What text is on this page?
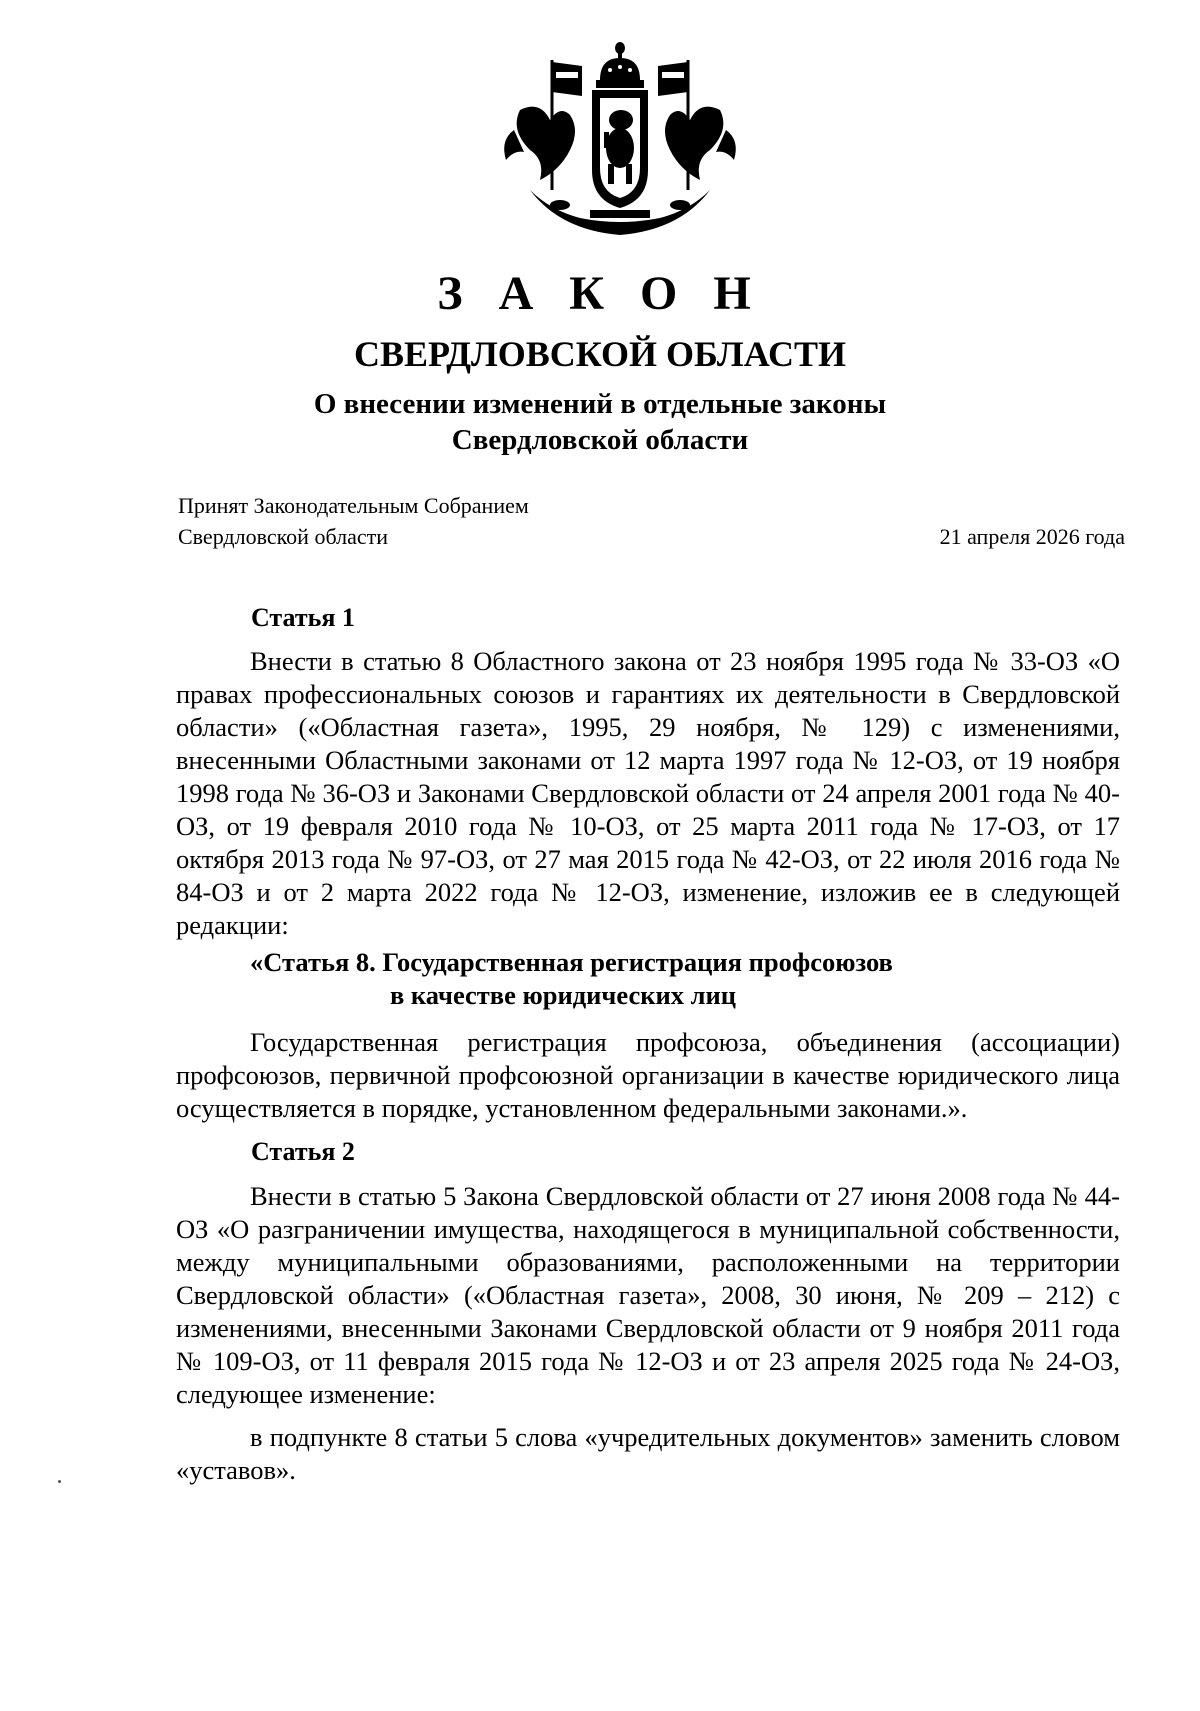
З А К О Н
СВЕРДЛОВСКОЙ ОБЛАСТИ
О внесении изменений в отдельные законы
Свердловской области
Принят Законодательным Собранием
Свердловской области	21 апреля 2026 года
Статья 1

Внести в статью 8 Областного закона от 23 ноября 1995 года № 33-ОЗ «О правах профессиональных союзов и гарантиях их деятельности в Свердловской области» («Областная газета», 1995, 29 ноября, № 129) с изменениями, внесенными Областными законами от 12 марта 1997 года № 12-ОЗ, от 19 ноября 1998 года № 36-ОЗ и Законами Свердловской области от 24 апреля 2001 года № 40-ОЗ, от 19 февраля 2010 года № 10-ОЗ, от 25 марта 2011 года № 17-ОЗ, от 17 октября 2013 года № 97-ОЗ, от 27 мая 2015 года № 42-ОЗ, от 22 июля 2016 года № 84-ОЗ и от 2 марта 2022 года № 12-ОЗ, изменение, изложив ее в следующей редакции:

«Статья 8. Государственная регистрация профсоюзов
в качестве юридических лиц

Государственная регистрация профсоюза, объединения (ассоциации) профсоюзов, первичной профсоюзной организации в качестве юридического лица осуществляется в порядке, установленном федеральными законами.».

Статья 2

Внести в статью 5 Закона Свердловской области от 27 июня 2008 года № 44-ОЗ «О разграничении имущества, находящегося в муниципальной собственности, между муниципальными образованиями, расположенными на территории Свердловской области» («Областная газета», 2008, 30 июня, № 209 – 212) с изменениями, внесенными Законами Свердловской области от 9 ноября 2011 года № 109-ОЗ, от 11 февраля 2015 года № 12-ОЗ и от 23 апреля 2025 года № 24-ОЗ, следующее изменение:

в подпункте 8 статьи 5 слова «учредительных документов» заменить словом «уставов».
